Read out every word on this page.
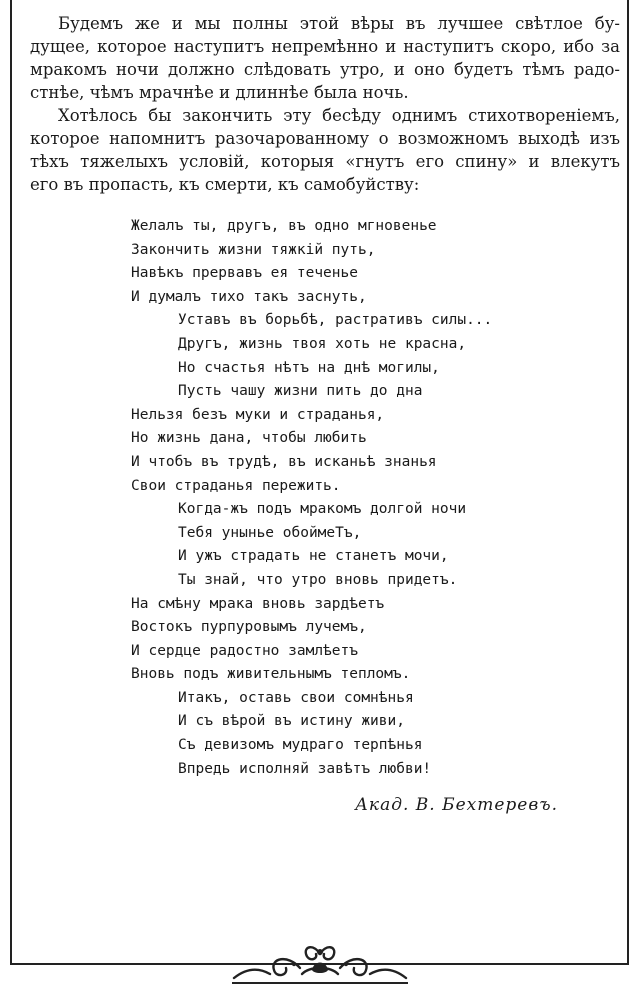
Будемъ же и мы полны этой вѣры въ лучшее свѣтлое бу-
дущее, которое наступитъ непремѣнно и наступитъ скоро, ибо за
мракомъ ночи должно слѣдовать утро, и оно будетъ тѣмъ радо-
стнѣе, чѣмъ мрачнѣе и длиннѣе была ночь.
Хотѣлось бы закончить эту бесѣду однимъ стихотвореніемъ,
которое напомнитъ разочарованному о возможномъ выходѣ изъ
тѣхъ тяжелыхъ условій, которыя «гнутъ его спину» и влекутъ
его въ пропасть, къ смерти, къ самобуйству:
Желалъ ты, другъ, въ одно мгновенье
Закончить жизни тяжкій путь,
Навѣкъ прервавъ ея теченье
И думалъ тихо такъ заснуть,
Уставъ въ борьбѣ, растративъ силы...
Другъ, жизнь твоя хоть не красна,
Но счастья нѣтъ на днѣ могилы,
Пусть чашу жизни пить до дна
Нельзя безъ муки и страданья,
Но жизнь дана, чтобы любить
И чтобъ въ трудѣ, въ исканьѣ знанья
Свои страданья пережить.
Когда-жъ подъ мракомъ долгой ночи
Тебя унынье обоймеТъ,
И ужъ страдать не станетъ мочи,
Ты знай, что утро вновь придетъ.
На смѣну мрака вновь зардѣетъ
Востокъ пурпуровымъ лучемъ,
И сердце радостно замлѣетъ
Вновь подъ живительнымъ тепломъ.
Итакъ, оставь свои сомнѣнья
И съ вѣрой въ истину живи,
Съ девизомъ мудраго терпѣнья
Впредь исполняй завѣтъ любви!
Акад. В. Бехтеревъ.
